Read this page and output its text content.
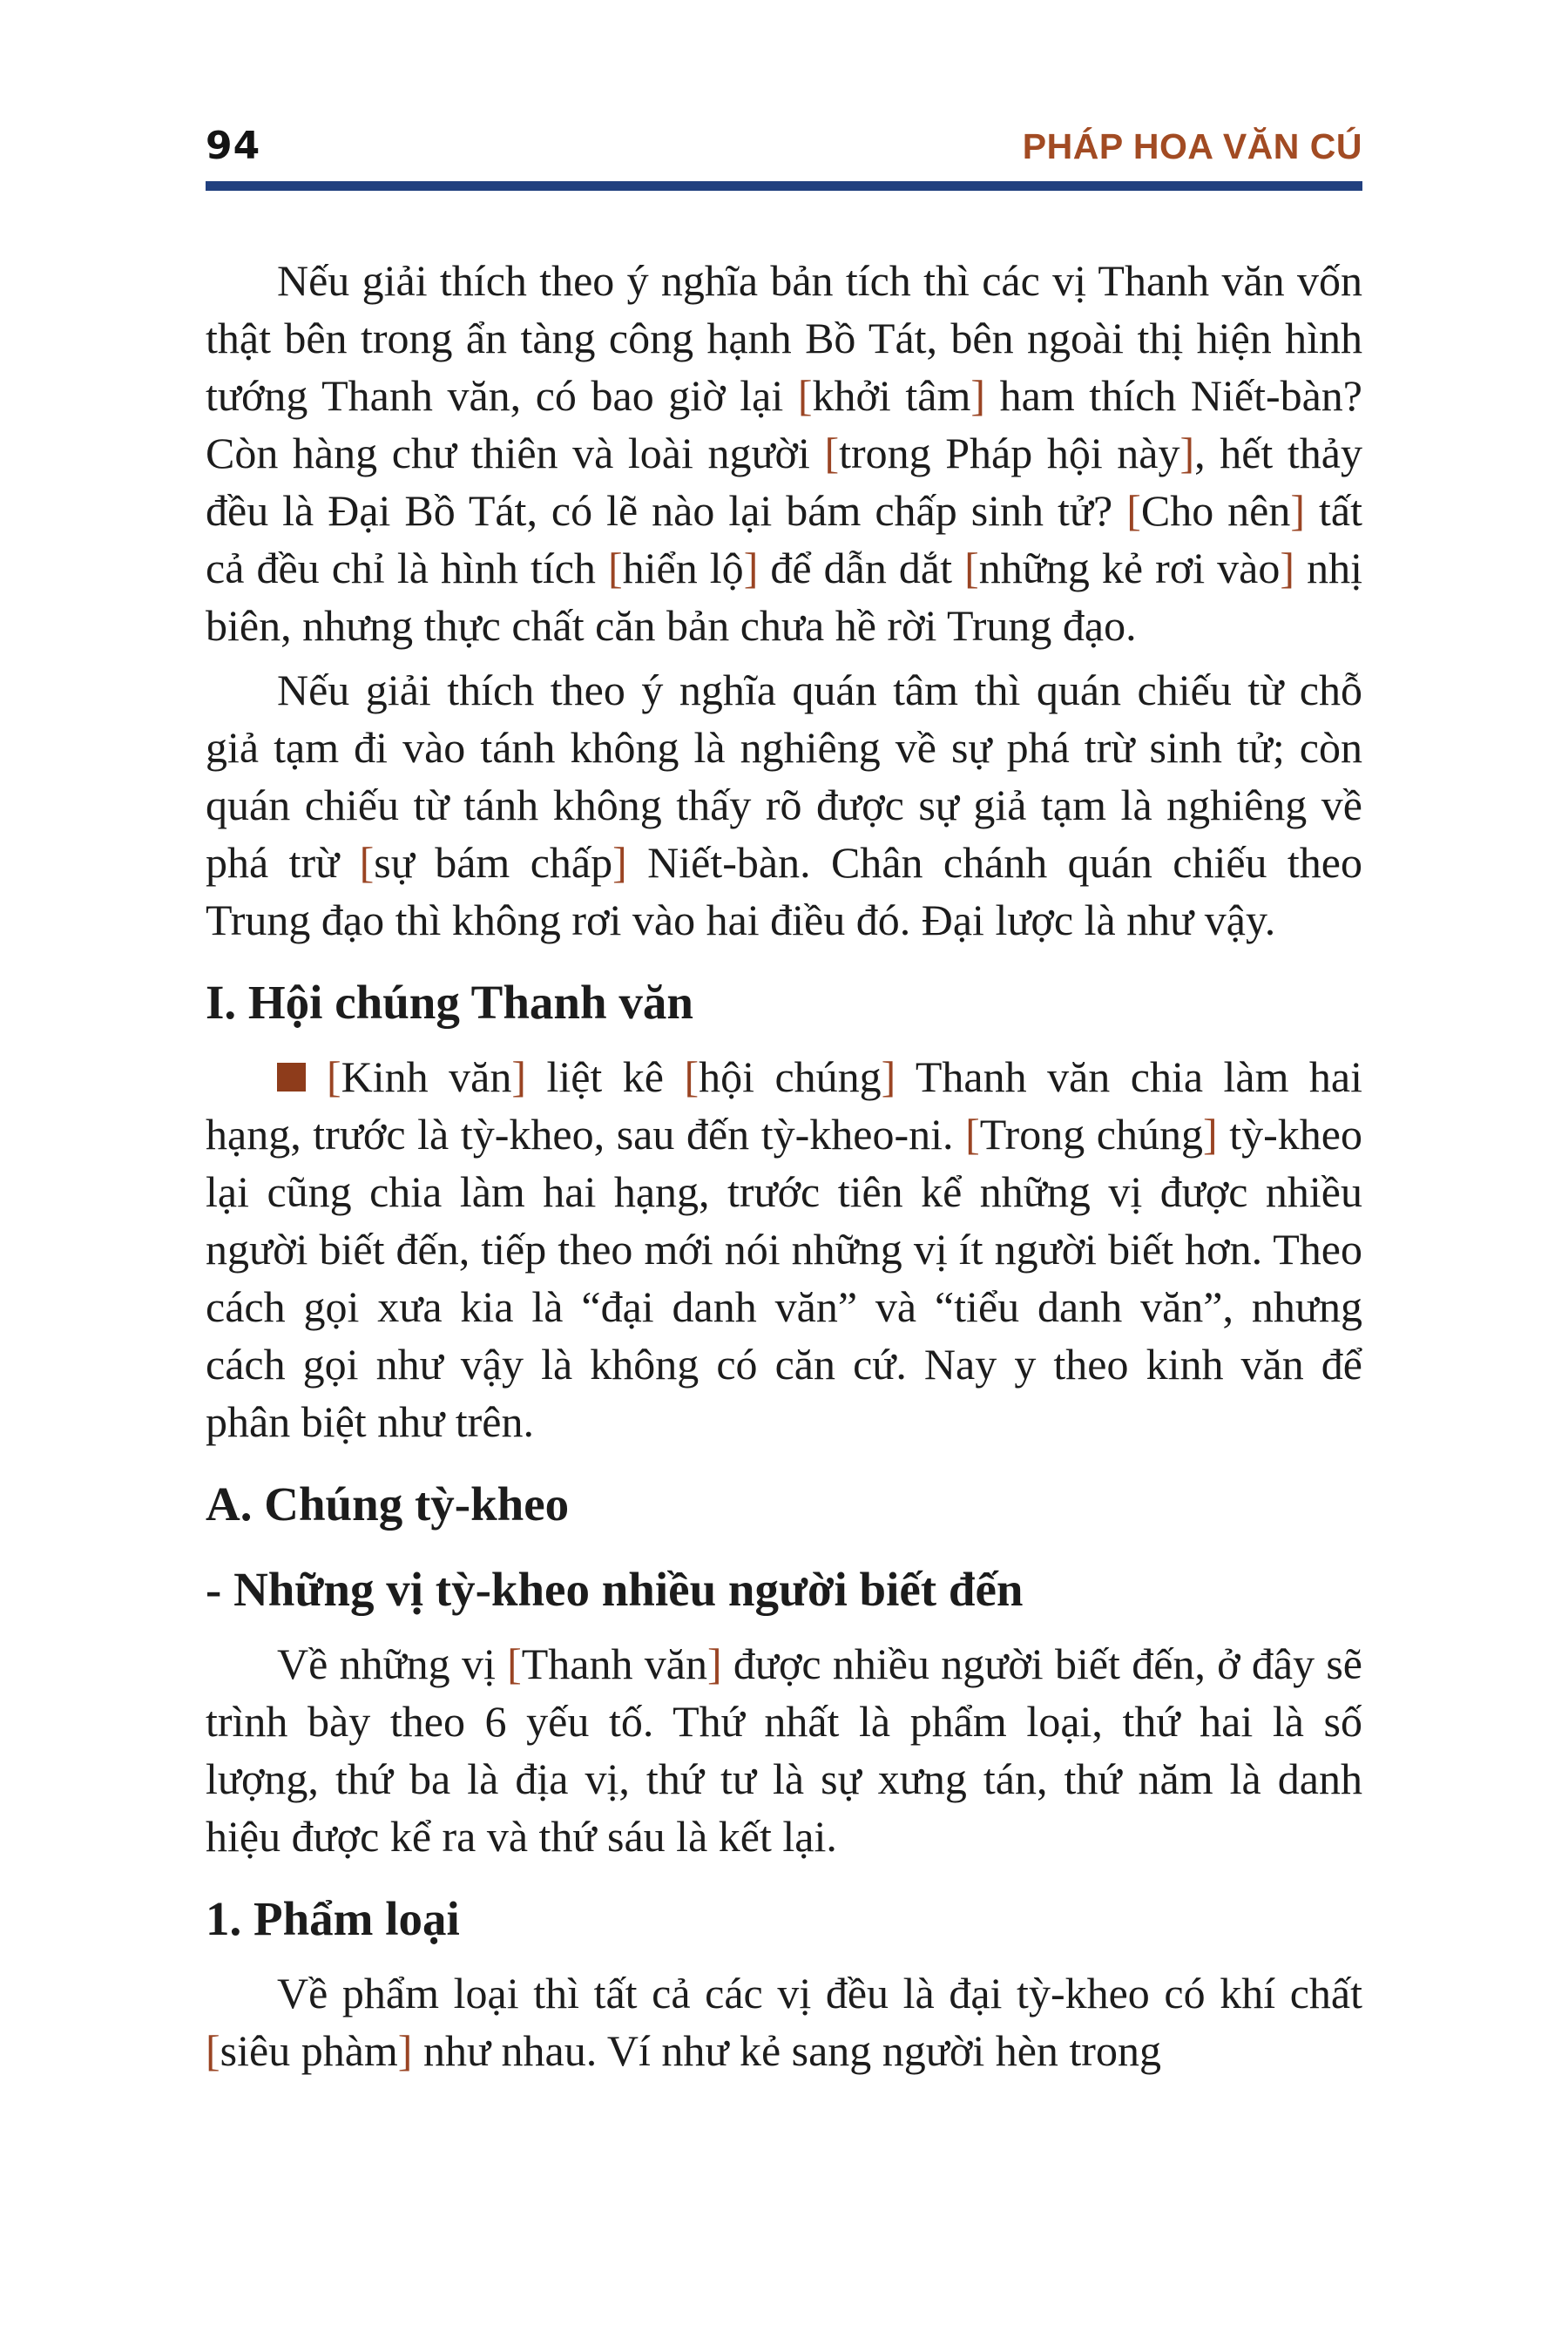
94	PHÁP HOA VĂN CÚ

Nếu giải thích theo ý nghĩa bản tích thì các vị Thanh văn vốn thật bên trong ẩn tàng công hạnh Bồ Tát, bên ngoài thị hiện hình tướng Thanh văn, có bao giờ lại [khởi tâm] ham thích Niết-bàn? Còn hàng chư thiên và loài người [trong Pháp hội này], hết thảy đều là Đại Bồ Tát, có lẽ nào lại bám chấp sinh tử? [Cho nên] tất cả đều chỉ là hình tích [hiển lộ] để dẫn dắt [những kẻ rơi vào] nhị biên, nhưng thực chất căn bản chưa hề rời Trung đạo.

Nếu giải thích theo ý nghĩa quán tâm thì quán chiếu từ chỗ giả tạm đi vào tánh không là nghiêng về sự phá trừ sinh tử; còn quán chiếu từ tánh không thấy rõ được sự giả tạm là nghiêng về phá trừ [sự bám chấp] Niết-bàn. Chân chánh quán chiếu theo Trung đạo thì không rơi vào hai điều đó. Đại lược là như vậy.

I. Hội chúng Thanh văn

[Kinh văn] liệt kê [hội chúng] Thanh văn chia làm hai hạng, trước là tỳ-kheo, sau đến tỳ-kheo-ni. [Trong chúng] tỳ-kheo lại cũng chia làm hai hạng, trước tiên kể những vị được nhiều người biết đến, tiếp theo mới nói những vị ít người biết hơn. Theo cách gọi xưa kia là “đại danh văn” và “tiểu danh văn”, nhưng cách gọi như vậy là không có căn cứ. Nay y theo kinh văn để phân biệt như trên.

A. Chúng tỳ-kheo
- Những vị tỳ-kheo nhiều người biết đến

Về những vị [Thanh văn] được nhiều người biết đến, ở đây sẽ trình bày theo 6 yếu tố. Thứ nhất là phẩm loại, thứ hai là số lượng, thứ ba là địa vị, thứ tư là sự xưng tán, thứ năm là danh hiệu được kể ra và thứ sáu là kết lại.

1. Phẩm loại

Về phẩm loại thì tất cả các vị đều là đại tỳ-kheo có khí chất [siêu phàm] như nhau. Ví như kẻ sang người hèn trong
